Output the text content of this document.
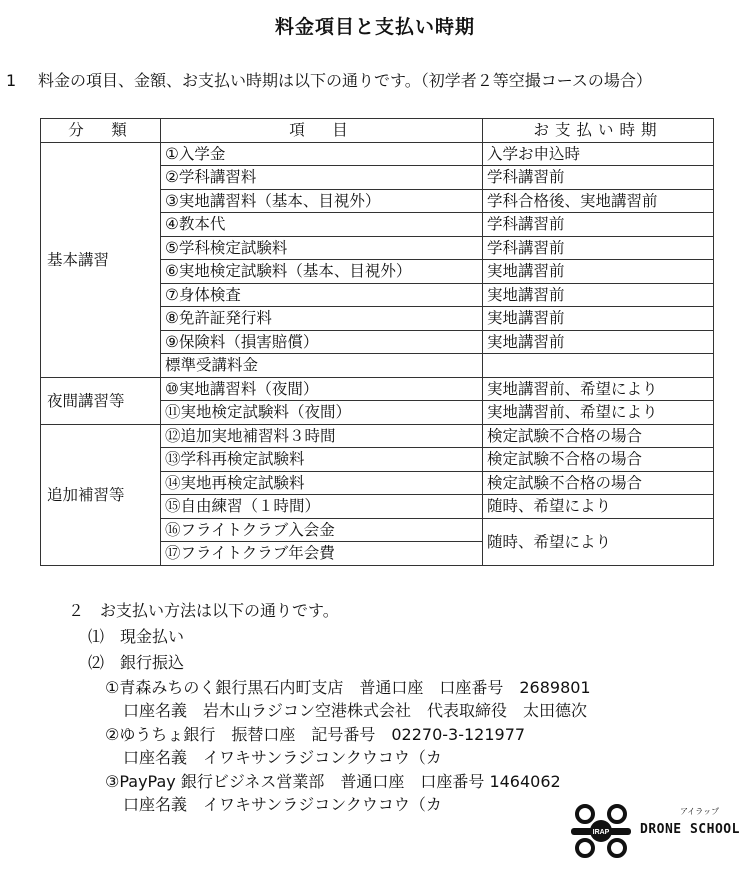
料金項目と支払い時期
1 料金の項目、金額、お支払い時期は以下の通りです。（初学者２等空撮コースの場合）
分　類	項　目	お支払い時期
基本講習	①入学金	入学お申込時
	②学科講習料	学科講習前
	③実地講習料（基本、目視外）	学科合格後、実地講習前
	④教本代	学科講習前
	⑤学科検定試験料	学科講習前
	⑥実地検定試験料（基本、目視外）	実地講習前
	⑦身体検査	実地講習前
	⑧免許証発行料	実地講習前
	⑨保険料（損害賠償）	実地講習前
	標準受講料金	
夜間講習等	⑩実地講習料（夜間）	実地講習前、希望により
	⑪実地検定試験料（夜間）	実地講習前、希望により
追加補習等	⑫追加実地補習料３時間	検定試験不合格の場合
	⑬学科再検定試験料	検定試験不合格の場合
	⑭実地再検定試験料	検定試験不合格の場合
	⑮自由練習（１時間）	随時、希望により
	⑯フライトクラブ入会金	随時、希望により
	⑰フライトクラブ年会費	
２ お支払い方法は以下の通りです。
⑴　現金払い
⑵　銀行振込
①青森みちのく銀行黒石内町支店　普通口座　口座番号　2689801
口座名義　岩木山ラジコン空港株式会社　代表取締役　太田德次
②ゆうちょ銀行　振替口座　記号番号　02270-3-121977
口座名義　イワキサンラジコンクウコウ（カ
③PayPay 銀行ビジネス営業部　普通口座　口座番号 1464062
口座名義　イワキサンラジコンクウコウ（カ
IRAP
アイラップ
DRONE SCHOOL
